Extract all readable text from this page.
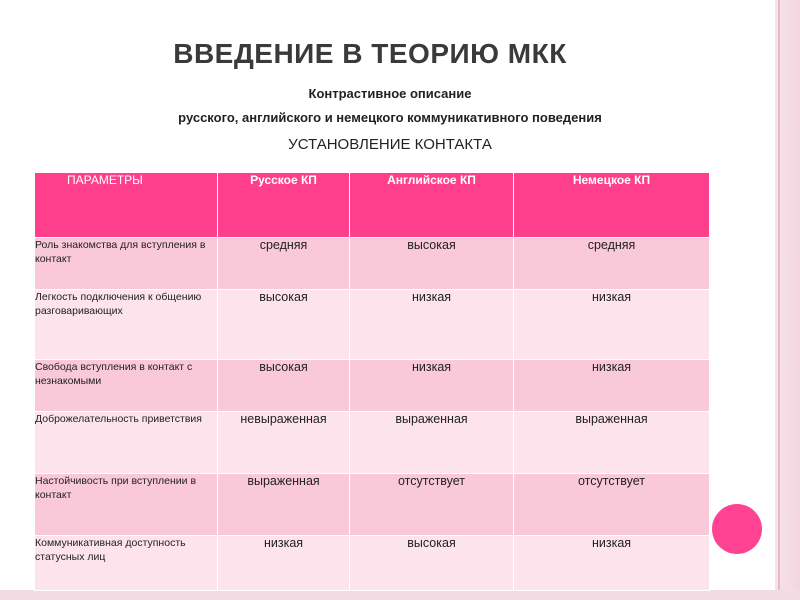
ВВЕДЕНИЕ В ТЕОРИЮ МКК
Контрастивное описание
русского, английского и немецкого коммуникативного поведения
УСТАНОВЛЕНИЕ КОНТАКТА
ПАРАМЕТРЫ	Русское КП	Английское КП	Немецкое КП
Роль знакомства для вступления в контакт	средняя	высокая	средняя
Легкость подключения к общению разговаривающих	высокая	низкая	низкая
Свобода вступления в контакт с незнакомыми	высокая	низкая	низкая
Доброжелательность приветствия	невыраженная	выраженная	выраженная
Настойчивость при вступлении в контакт	выраженная	отсутствует	отсутствует
Коммуникативная доступность статусных лиц	низкая	высокая	низкая
